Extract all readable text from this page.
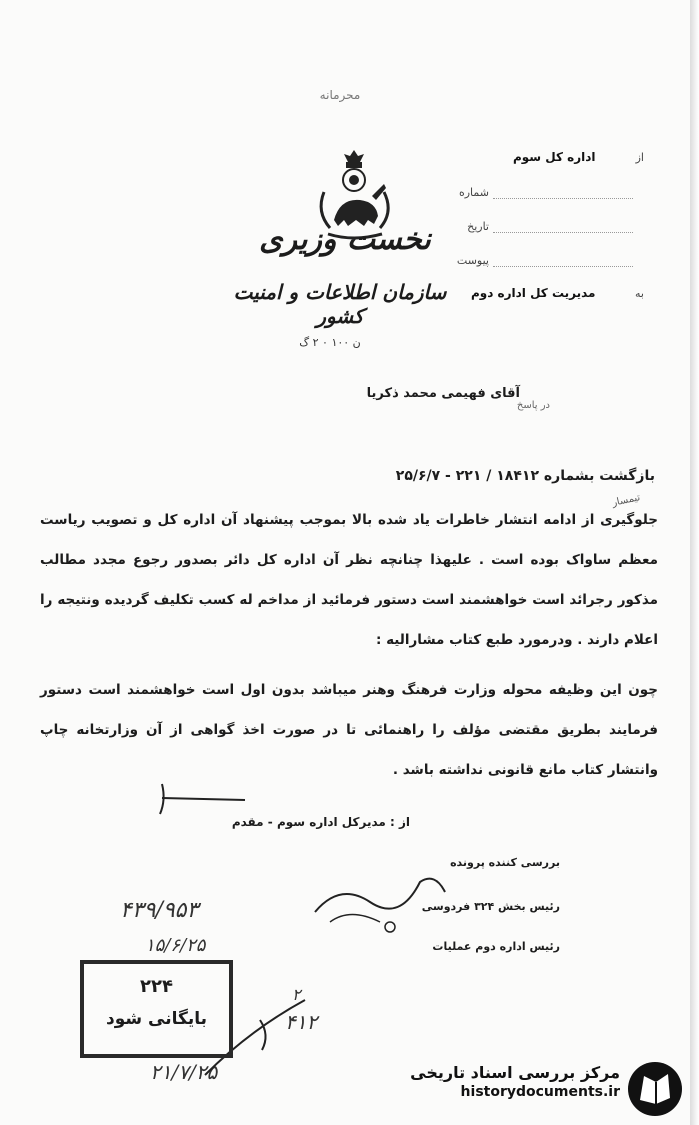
محرمانه
نخست وزیری
سازمان اطلاعات و امنیت کشور
ن ۱۰۰ ۰ ۲ گ
از اداره کل سوم
شماره
تاریخ
پیوست
به مدیریت کل اداره دوم
آقای فهیمی محمد ذکریا
در پاسخ
بازگشت بشماره ۱۸۴۱۲ / ۲۲۱ - ۲۵/۶/۷
تیمسار
جلوگیری از ادامه انتشار خاطرات یاد شده بالا بموجب پیشنهاد آن اداره کل و تصویب ریاست معظم ساواک بوده است . علیهذا چنانچه نظر آن اداره کل دائر بصدور رجوع مجدد مطالب مذکور رجرائد است خواهشمند است دستور فرمائید از مداخم له کسب تکلیف گردیده ونتیجه را اعلام دارند . ودرمورد طبع کتاب مشارالیه :
چون این وظیفه محوله وزارت فرهنگ وهنر میباشد بدون اول است خواهشمند است دستور فرمایند بطریق مقتضی مؤلف را راهنمائی تا در صورت اخذ گواهی از آن وزارتخانه چاپ وانتشار کتاب مانع قانونی نداشته باشد .
از : مدیرکل اداره سوم - مقدم
بررسی کننده پرونده
رئیس بخش ۳۲۴ فردوسی
رئیس اداره دوم عملیات
۴۳۹/۹۵۳
۱۵/۶/۲۵
۲
۴۱۲
۲۱/۷/۲۵
۲۲۴
بایگانی شود
مرکز بررسی اسناد تاریخی
historydocuments.ir
